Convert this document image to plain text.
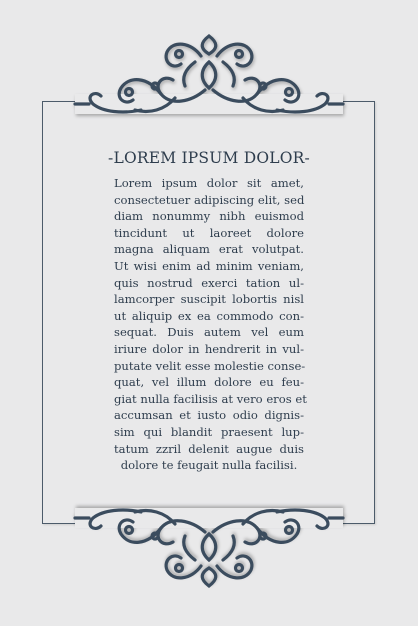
-LOREM IPSUM DOLOR-

Lorem ipsum dolor sit amet,
consectetuer adipiscing elit, sed
diam nonummy nibh euismod
tincidunt ut laoreet dolore
magna aliquam erat volutpat.
Ut wisi enim ad minim veniam,
quis nostrud exerci tation ul-
lamcorper suscipit lobortis nisl
ut aliquip ex ea commodo con-
sequat. Duis autem vel eum
iriure dolor in hendrerit in vul-
putate velit esse molestie conse-
quat, vel illum dolore eu feu-
giat nulla facilisis at vero eros et
accumsan et iusto odio dignis-
sim qui blandit praesent lup-
tatum zzril delenit augue duis
dolore te feugait nulla facilisi.
